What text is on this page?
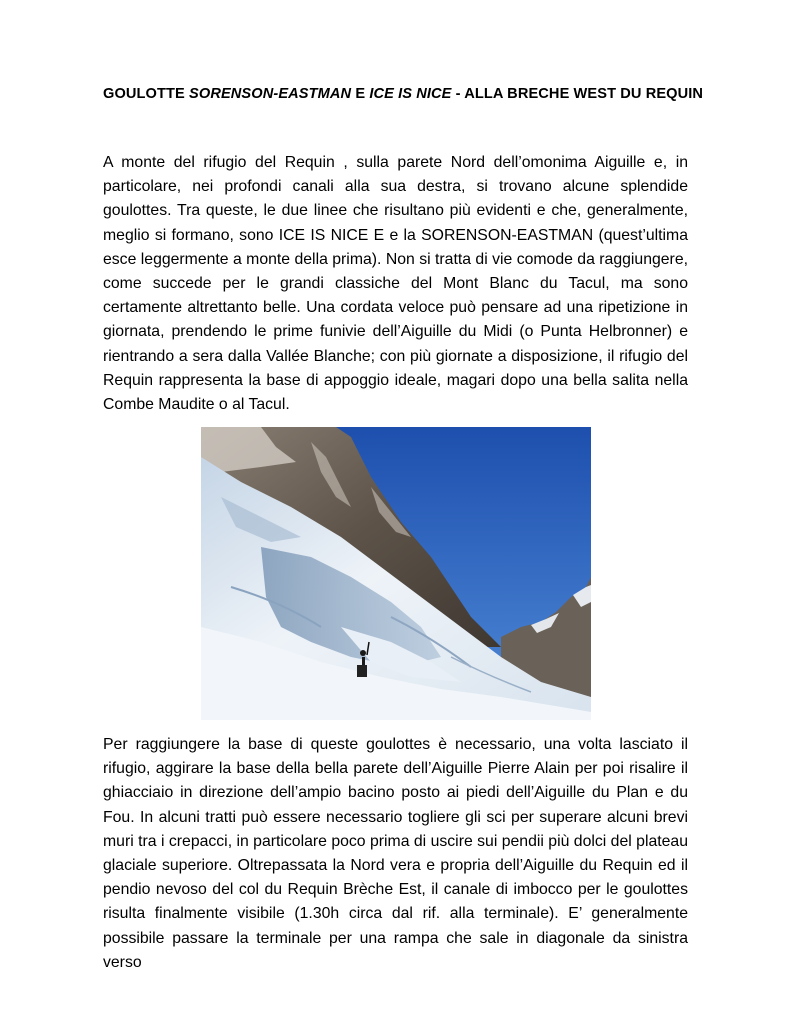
GOULOTTE SORENSON-EASTMAN E ICE IS NICE - ALLA BRECHE WEST DU REQUIN

A monte del rifugio del Requin , sulla parete Nord dell’omonima Aiguille e, in particolare, nei profondi canali alla sua destra, si trovano alcune splendide goulottes. Tra queste, le due linee che risultano più evidenti e che, generalmente, meglio si formano, sono ICE IS NICE E e la SORENSON-EASTMAN (quest’ultima esce leggermente a monte della prima). Non si tratta di vie comode da raggiungere, come succede per le grandi classiche del Mont Blanc du Tacul, ma sono certamente altrettanto belle. Una cordata veloce può pensare ad una ripetizione in giornata, prendendo le prime funivie dell’Aiguille du Midi (o Punta Helbronner) e rientrando a sera dalla Vallée Blanche; con più giornate a disposizione, il rifugio del Requin rappresenta la base di appoggio ideale, magari dopo una bella salita nella Combe Maudite o al Tacul.

Per raggiungere la base di queste goulottes è necessario, una volta lasciato il rifugio, aggirare la base della bella parete dell’Aiguille Pierre Alain per poi risalire il ghiacciaio in direzione dell’ampio bacino posto ai piedi dell’Aiguille du Plan e du Fou. In alcuni tratti può essere necessario togliere gli sci per superare alcuni brevi muri tra i crepacci, in particolare poco prima di uscire sui pendii più dolci del plateau glaciale superiore. Oltrepassata la Nord vera e propria dell’Aiguille du Requin ed il pendio nevoso del col du Requin Brèche Est, il canale di imbocco per le goulottes risulta finalmente visibile (1.30h circa dal rif. alla terminale). E’ generalmente possibile passare la terminale per una rampa che sale in diagonale da sinistra verso
